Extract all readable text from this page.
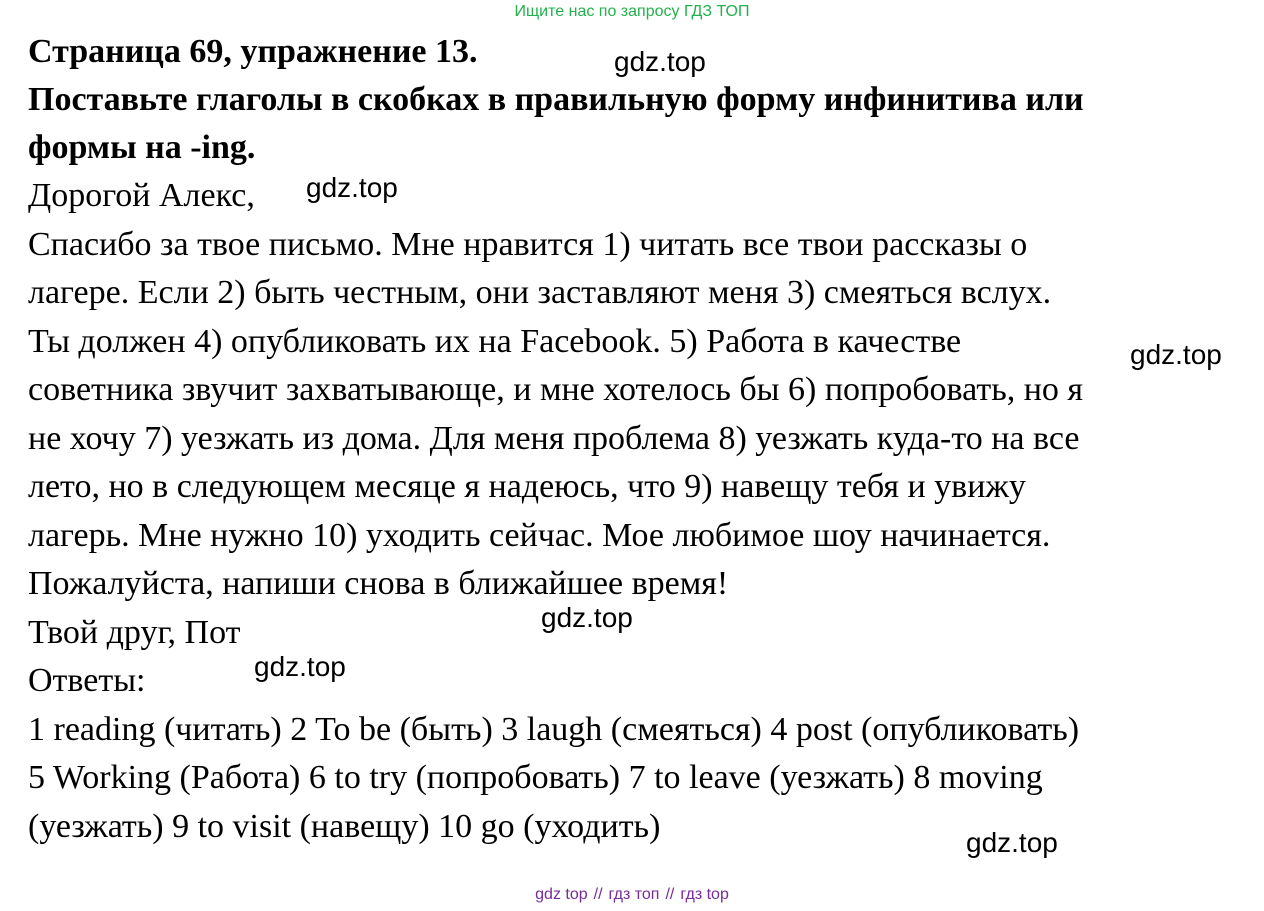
Ищите нас по запросу ГДЗ ТОП

Страница 69, упражнение 13.

Поставьте глаголы в скобках в правильную форму инфинитива или

формы на -ing.

Дорогой Алекс,

Спасибо за твое письмо. Мне нравится 1) читать все твои рассказы о

лагере. Если 2) быть честным, они заставляют меня 3) смеяться вслух.

Ты должен 4) опубликовать их на Facebook. 5) Работа в качестве

советника звучит захватывающе, и мне хотелось бы 6) попробовать, но я

не хочу 7) уезжать из дома. Для меня проблема 8) уезжать куда-то на все

лето, но в следующем месяце я надеюсь, что 9) навещу тебя и увижу

лагерь. Мне нужно 10) уходить сейчас. Мое любимое шоу начинается.

Пожалуйста, напиши снова в ближайшее время!

Твой друг, Пот

Ответы:

1 reading (читать) 2 To be (быть) 3 laugh (смеяться) 4 post (опубликовать)

5 Working (Работа) 6 to try (попробовать) 7 to leave (уезжать) 8 moving

(уезжать) 9 to visit (навещу) 10 go (уходить)

gdz.top
gdz.top
gdz.top
gdz.top
gdz.top
gdz.top
gdz top // гдз топ // гдз top
